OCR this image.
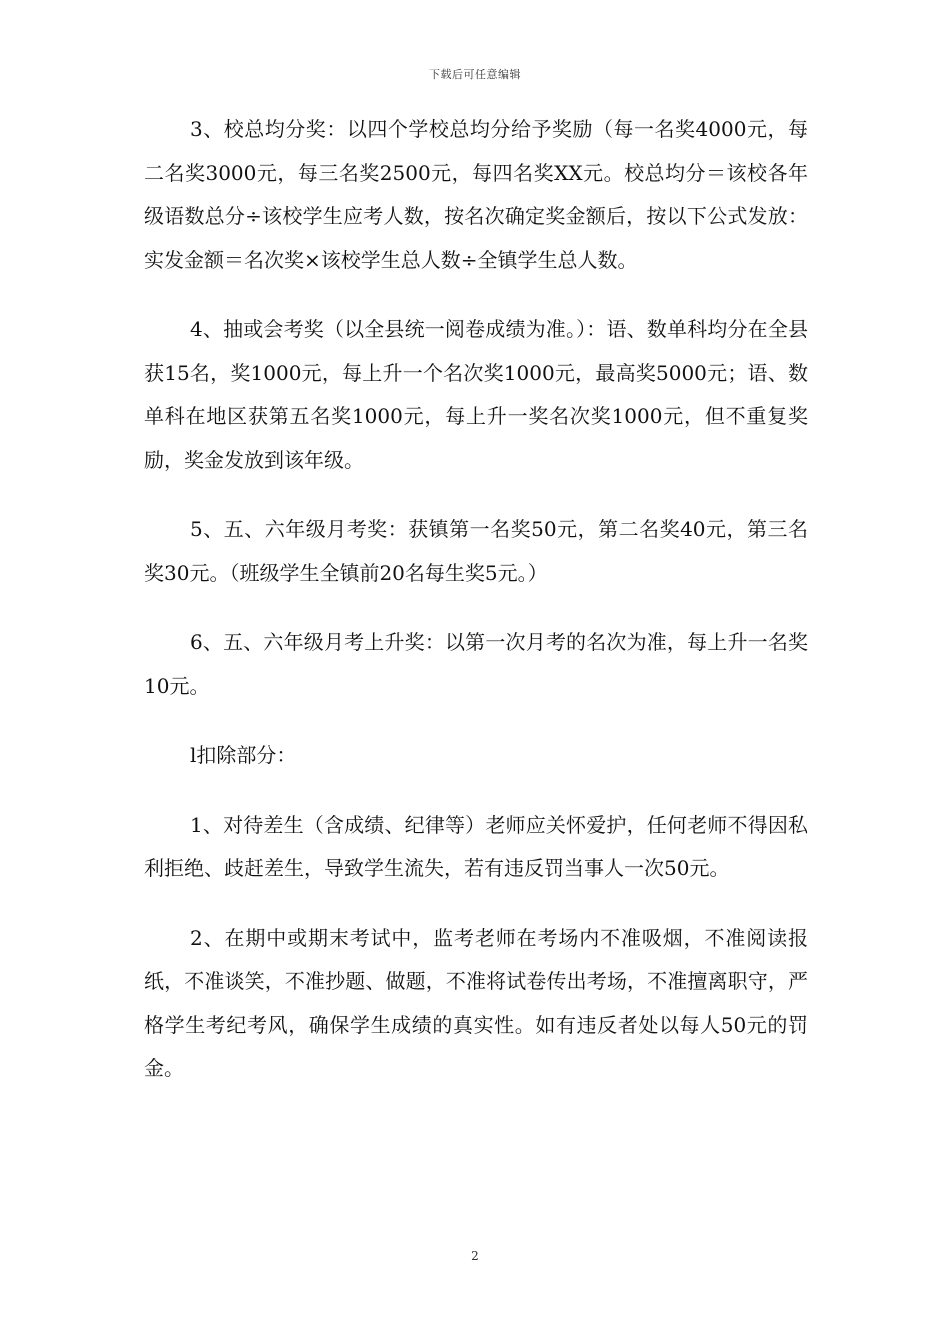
下载后可任意编辑

3、校总均分奖：以四个学校总均分给予奖励（每一名奖4000元，每二名奖3000元，每三名奖2500元，每四名奖XX元。校总均分＝该校各年级语数总分÷该校学生应考人数，按名次确定奖金额后，按以下公式发放：实发金额＝名次奖×该校学生总人数÷全镇学生总人数。

4、抽或会考奖（以全县统一阅卷成绩为准。）：语、数单科均分在全县获15名，奖1000元，每上升一个名次奖1000元，最高奖5000元；语、数单科在地区获第五名奖1000元，每上升一奖名次奖1000元，但不重复奖励，奖金发放到该年级。

5、五、六年级月考奖：获镇第一名奖50元，第二名奖40元，第三名奖30元。（班级学生全镇前20名每生奖5元。）

6、五、六年级月考上升奖：以第一次月考的名次为准，每上升一名奖10元。

l扣除部分：

1、对待差生（含成绩、纪律等）老师应关怀爱护，任何老师不得因私利拒绝、歧赶差生，导致学生流失，若有违反罚当事人一次50元。

2、在期中或期末考试中，监考老师在考场内不准吸烟，不准阅读报纸，不准谈笑，不准抄题、做题，不准将试卷传出考场，不准擅离职守，严格学生考纪考风，确保学生成绩的真实性。如有违反者处以每人50元的罚金。

2
